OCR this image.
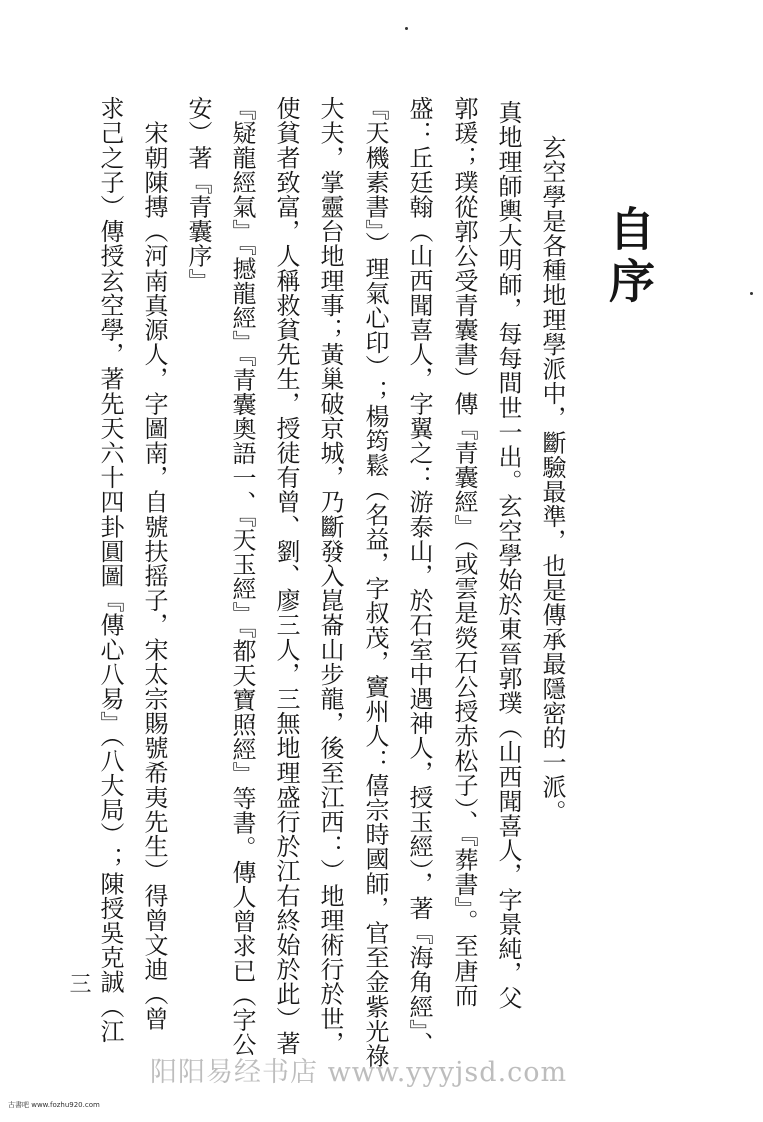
自序
玄空學是各種地理學派中，斷驗最準，也是傳承最隱密的一派。
真地理師輿大明師，每每間世一出。玄空學始於東晉郭璞（山西聞喜人，字景純，父
郭瑗；璞從郭公受青囊書）傳『青囊經』（或雲是熒石公授赤松子）、『葬書』。至唐而
盛：丘廷翰（山西聞喜人，字翼之：游泰山，於石室中遇神人，授玉經），著『海角經』、
『天機素書』）理氣心印）；楊筠鬆（名益，字叔茂，竇州人：僖宗時國師，官至金紫光祿
大夫，掌靈台地理事；黃巢破京城，乃斷發入崑崙山步龍，後至江西：）地理術行於世，
使貧者致富，人稱救貧先生，授徒有曾、劉、廖三人，三無地理盛行於江右終始於此）著
『疑龍經氣』『撼龍經』『青囊奧語一、『天玉經』『都天寶照經』等書。傳人曾求已（字公
安）著『青囊序』
　宋朝陳摶（河南真源人，字圖南，自號扶摇子，宋太宗賜號希夷先生）得曾文迪（曾
求己之子）傳授玄空學，著先天六十四卦圓圖『傳心八易』（八大局）；陳授吳克誠（江
三
阳阳易经书店 www.yyyjsd.com
古書吧 www.fozhu920.com
